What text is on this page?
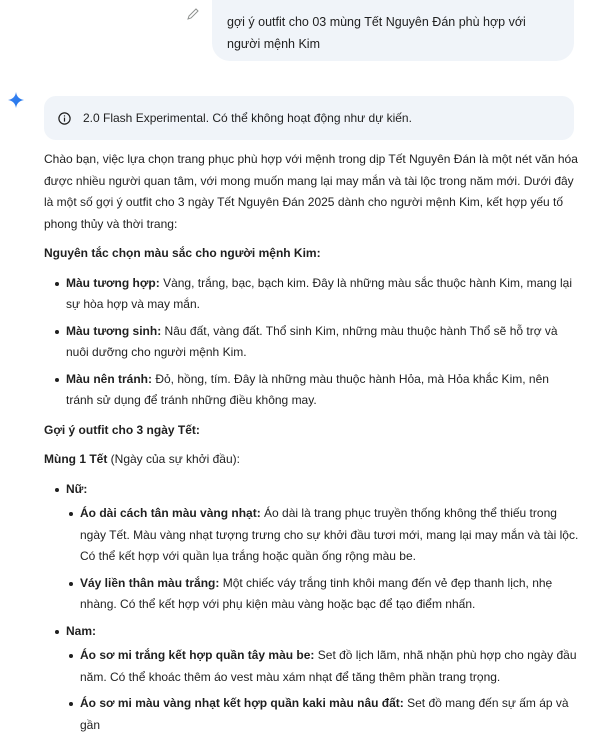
gợi ý outfit cho 03 mùng Tết Nguyên Đán phù hợp với người mệnh Kim
2.0 Flash Experimental. Có thể không hoạt động như dự kiến.

Chào bạn, việc lựa chọn trang phục phù hợp với mệnh trong dịp Tết Nguyên Đán là một nét văn hóa được nhiều người quan tâm, với mong muốn mang lại may mắn và tài lộc trong năm mới. Dưới đây là một số gợi ý outfit cho 3 ngày Tết Nguyên Đán 2025 dành cho người mệnh Kim, kết hợp yếu tố phong thủy và thời trang:

Nguyên tắc chọn màu sắc cho người mệnh Kim:

Màu tương hợp: Vàng, trắng, bạc, bạch kim. Đây là những màu sắc thuộc hành Kim, mang lại sự hòa hợp và may mắn.
Màu tương sinh: Nâu đất, vàng đất. Thổ sinh Kim, những màu thuộc hành Thổ sẽ hỗ trợ và nuôi dưỡng cho người mệnh Kim.
Màu nên tránh: Đỏ, hồng, tím. Đây là những màu thuộc hành Hỏa, mà Hỏa khắc Kim, nên tránh sử dụng để tránh những điều không may.

Gợi ý outfit cho 3 ngày Tết:

Mùng 1 Tết (Ngày của sự khởi đầu):

Nữ:
Áo dài cách tân màu vàng nhạt: Áo dài là trang phục truyền thống không thể thiếu trong ngày Tết. Màu vàng nhạt tượng trưng cho sự khởi đầu tươi mới, mang lại may mắn và tài lộc. Có thể kết hợp với quần lụa trắng hoặc quần ống rộng màu be.
Váy liền thân màu trắng: Một chiếc váy trắng tinh khôi mang đến vẻ đẹp thanh lịch, nhẹ nhàng. Có thể kết hợp với phụ kiện màu vàng hoặc bạc để tạo điểm nhấn.
Nam:
Áo sơ mi trắng kết hợp quần tây màu be: Set đồ lịch lãm, nhã nhặn phù hợp cho ngày đầu năm. Có thể khoác thêm áo vest màu xám nhạt để tăng thêm phần trang trọng.
Áo sơ mi màu vàng nhạt kết hợp quần kaki màu nâu đất: Set đồ mang đến sự ấm áp và gần
